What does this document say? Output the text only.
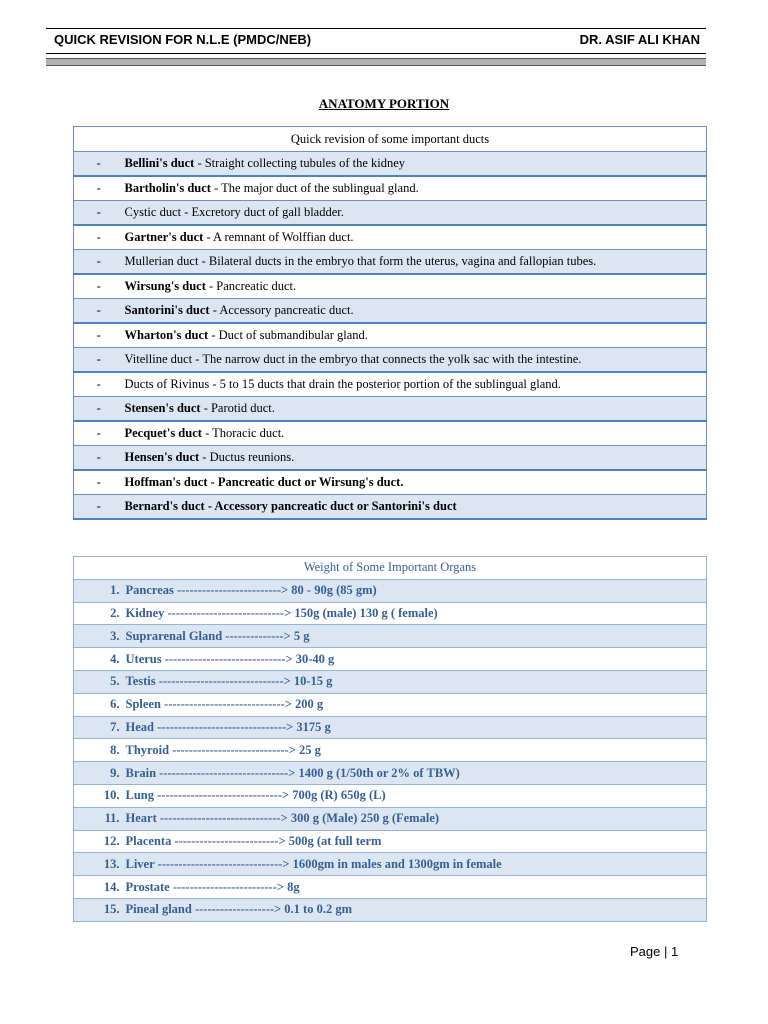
QUICK REVISION FOR N.L.E (PMDC/NEB)	DR. ASIF ALI KHAN
ANATOMY PORTION
Quick revision of some important ducts	
-	Bellini's duct - Straight collecting tubules of the kidney
-	Bartholin's duct - The major duct of the sublingual gland.
-	Cystic duct - Excretory duct of gall bladder.
-	Gartner's duct - A remnant of Wolffian duct.
-	Mullerian duct - Bilateral ducts in the embryo that form the uterus, vagina and fallopian tubes.
-	Wirsung's duct - Pancreatic duct.
-	Santorini's duct - Accessory pancreatic duct.
-	Wharton's duct - Duct of submandibular gland.
-	Vitelline duct - The narrow duct in the embryo that connects the yolk sac with the intestine.
-	Ducts of Rivinus - 5 to 15 ducts that drain the posterior portion of the sublingual gland.
-	Stensen's duct - Parotid duct.
-	Pecquet's duct - Thoracic duct.
-	Hensen's duct - Ductus reunions.
-	Hoffman's duct - Pancreatic duct or Wirsung's duct.
-	Bernard's duct - Accessory pancreatic duct or Santorini's duct
Weight of Some Important Organs	
1.	Pancreas -------------------------> 80 - 90g (85 gm)
2.	Kidney ----------------------------> 150g (male) 130 g ( female)
3.	Suprarenal Gland --------------> 5 g
4.	Uterus -----------------------------> 30-40 g
5.	Testis ------------------------------> 10-15 g
6.	Spleen -----------------------------> 200 g
7.	Head -------------------------------> 3175 g
8.	Thyroid ----------------------------> 25 g
9.	Brain -------------------------------> 1400 g (1/50th or 2% of TBW)
10.	Lung ------------------------------> 700g (R) 650g (L)
11.	Heart -----------------------------> 300 g (Male) 250 g (Female)
12.	Placenta -------------------------> 500g (at full term
13.	Liver ------------------------------> 1600gm in males and 1300gm in female
14.	Prostate -------------------------> 8g
15.	Pineal gland -------------------> 0.1 to 0.2 gm
Page | 1
